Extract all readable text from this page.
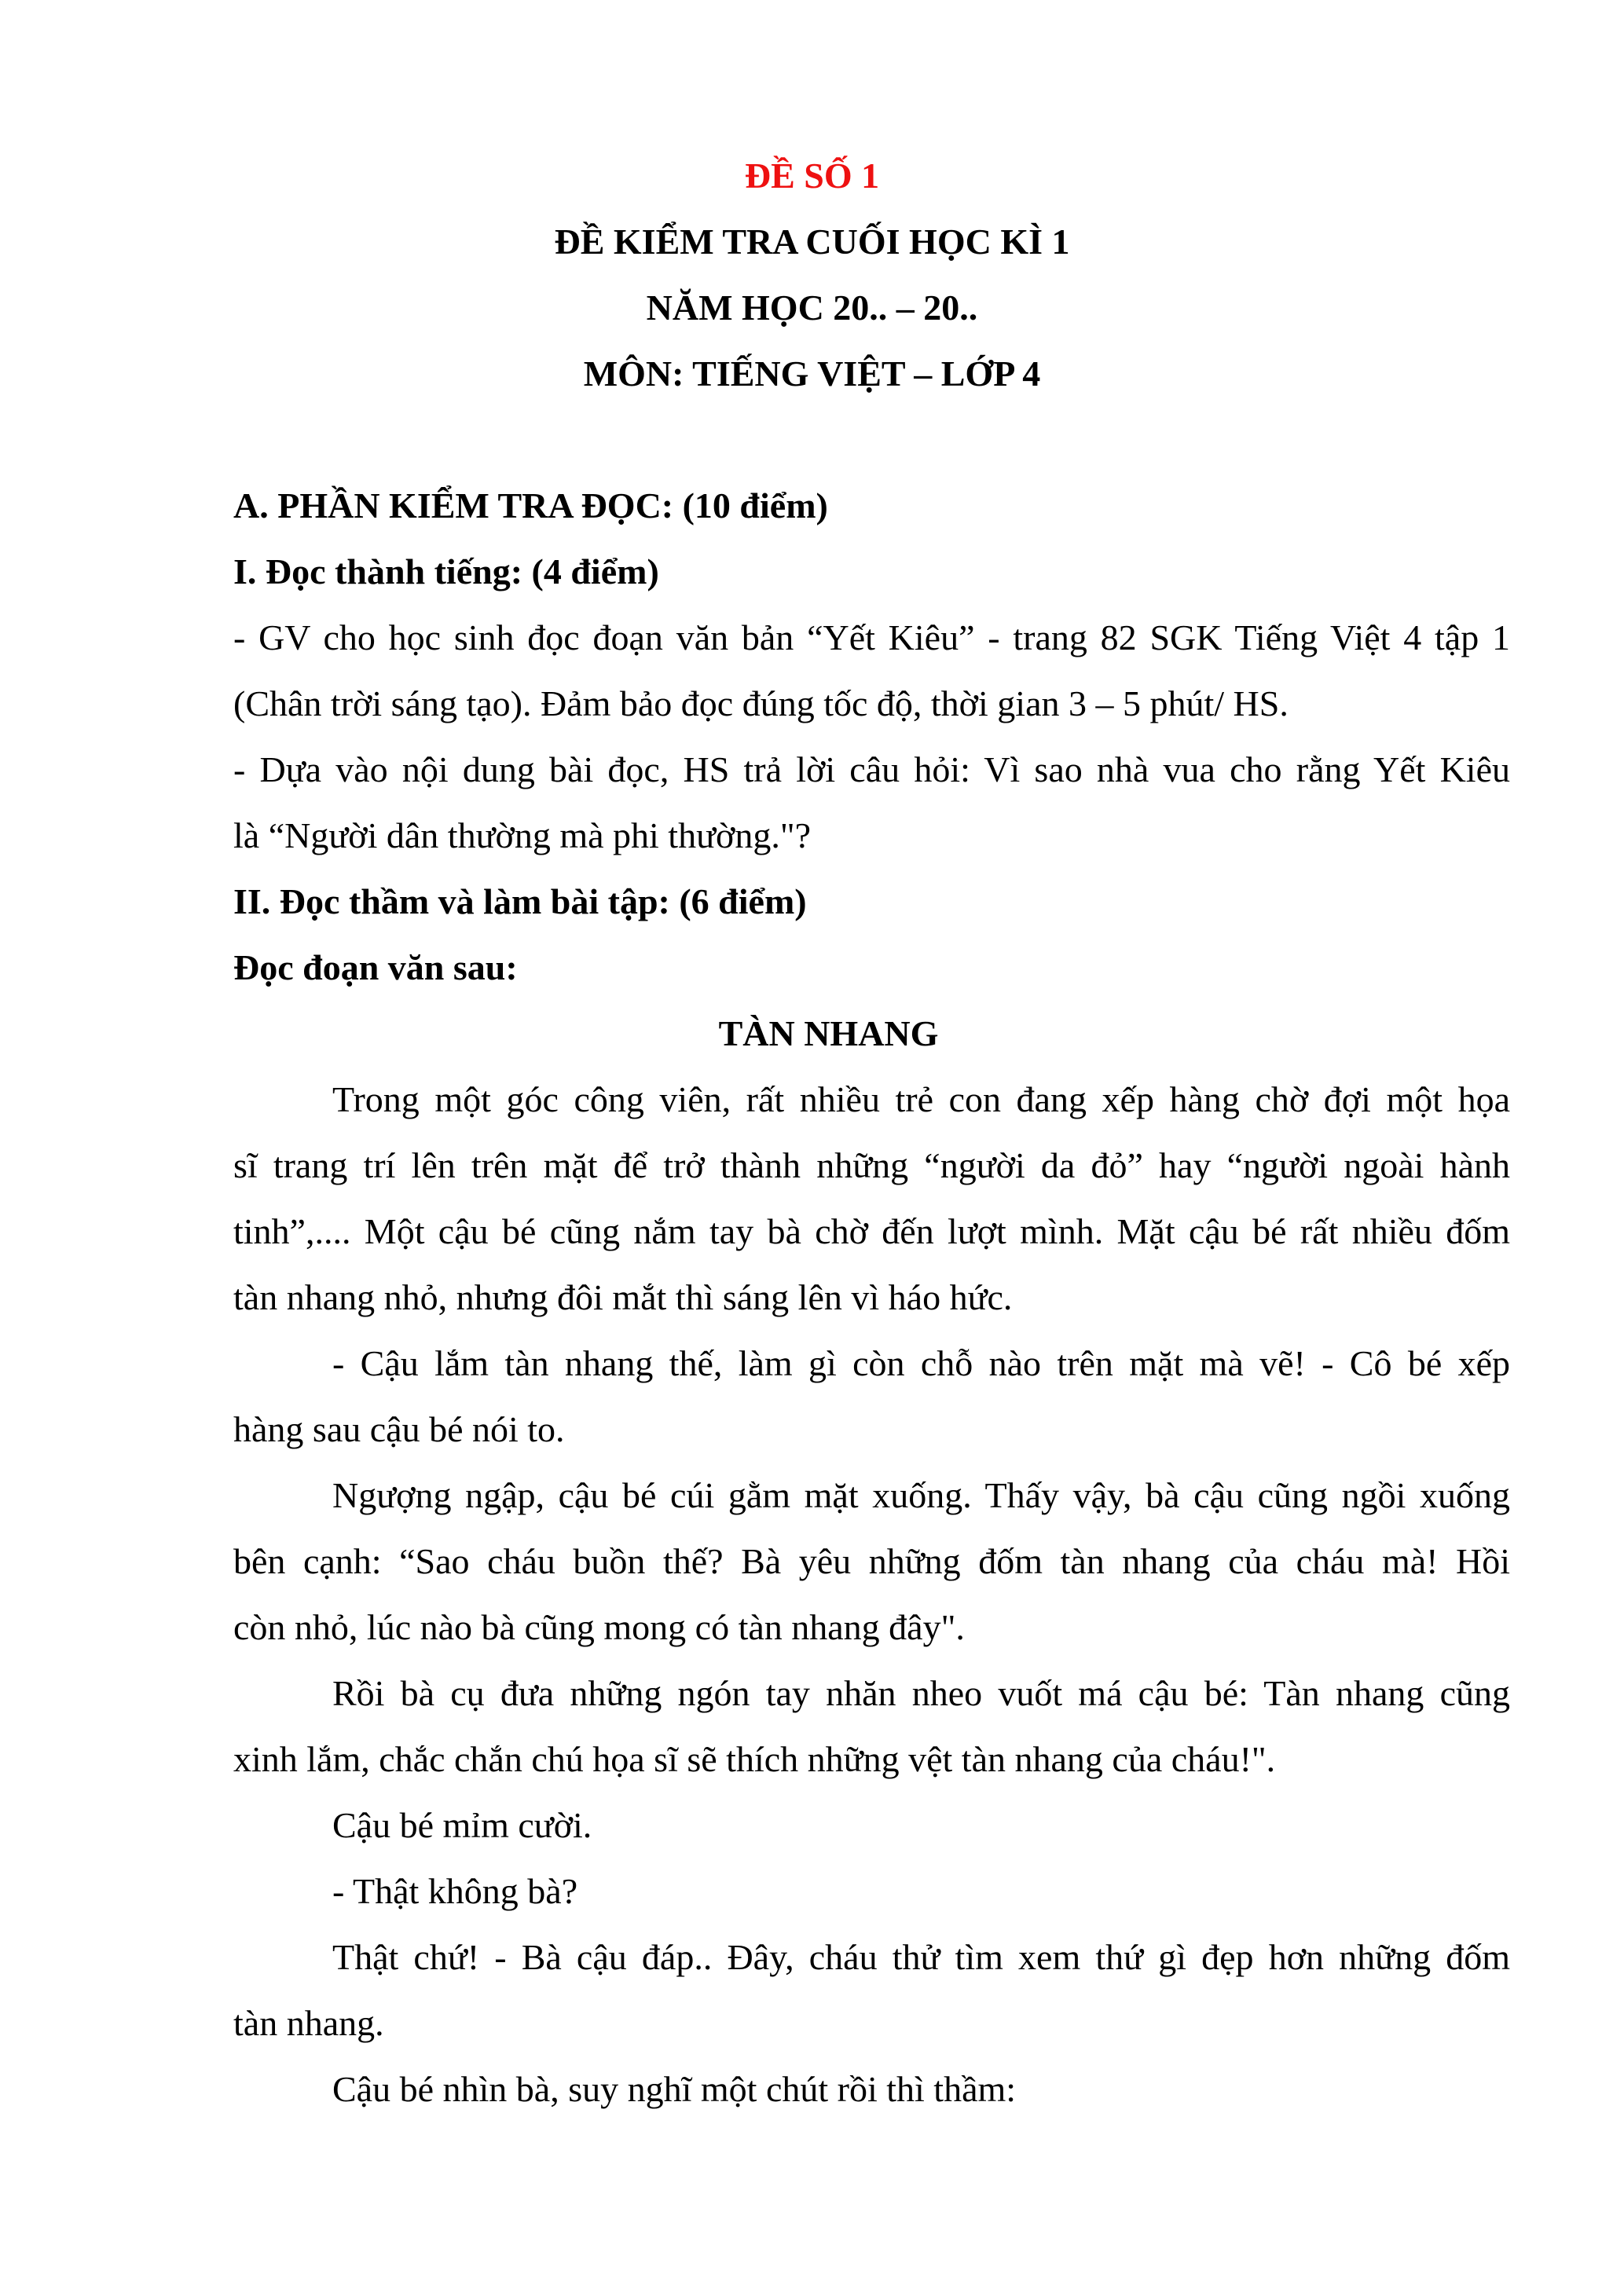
ĐỀ SỐ 1
ĐỀ KIỂM TRA CUỐI HỌC KÌ 1
NĂM HỌC 20.. – 20..
MÔN: TIẾNG VIỆT – LỚP 4
A. PHẦN KIỂM TRA ĐỌC: (10 điểm)
I. Đọc thành tiếng: (4 điểm)
- GV cho học sinh đọc đoạn văn bản “Yết Kiêu” - trang 82 SGK Tiếng Việt 4 tập 1
(Chân trời sáng tạo). Đảm bảo đọc đúng tốc độ, thời gian 3 – 5 phút/ HS.
- Dựa vào nội dung bài đọc, HS trả lời câu hỏi: Vì sao nhà vua cho rằng Yết Kiêu
là “Người dân thường mà phi thường."?
II. Đọc thầm và làm bài tập: (6 điểm)
Đọc đoạn văn sau:
TÀN NHANG
Trong một góc công viên, rất nhiều trẻ con đang xếp hàng chờ đợi một họa
sĩ trang trí lên trên mặt để trở thành những “người da đỏ” hay “người ngoài hành
tinh”,.... Một cậu bé cũng nắm tay bà chờ đến lượt mình. Mặt cậu bé rất nhiều đốm
tàn nhang nhỏ, nhưng đôi mắt thì sáng lên vì háo hức.
- Cậu lắm tàn nhang thế, làm gì còn chỗ nào trên mặt mà vẽ! - Cô bé xếp
hàng sau cậu bé nói to.
Ngượng ngập, cậu bé cúi gằm mặt xuống. Thấy vậy, bà cậu cũng ngồi xuống
bên cạnh: “Sao cháu buồn thế? Bà yêu những đốm tàn nhang của cháu mà! Hồi
còn nhỏ, lúc nào bà cũng mong có tàn nhang đây".
Rồi bà cụ đưa những ngón tay nhăn nheo vuốt má cậu bé: Tàn nhang cũng
xinh lắm, chắc chắn chú họa sĩ sẽ thích những vệt tàn nhang của cháu!".
Cậu bé mỉm cười.
- Thật không bà?
Thật chứ! - Bà cậu đáp.. Đây, cháu thử tìm xem thứ gì đẹp hơn những đốm
tàn nhang.
Cậu bé nhìn bà, suy nghĩ một chút rồi thì thầm:
